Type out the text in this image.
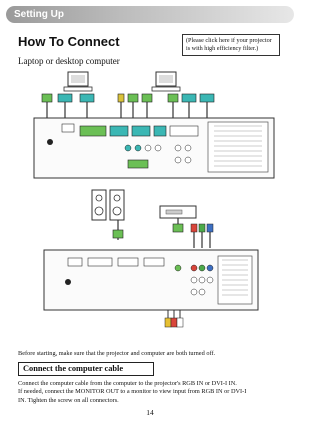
Setting Up
How To Connect	(Please click here if your projector is with high efficiency filter.)
Laptop or desktop computer
Before starting, make sure that the projector and computer are both turned off.
Connect the computer cable
Connect the computer cable from the computer to the projector's RGB IN or DVI-I IN.
If needed, connect the MONITOR OUT to a monitor to view input from RGB IN or DVI-I
IN. Tighten the screw on all connectors.
14
